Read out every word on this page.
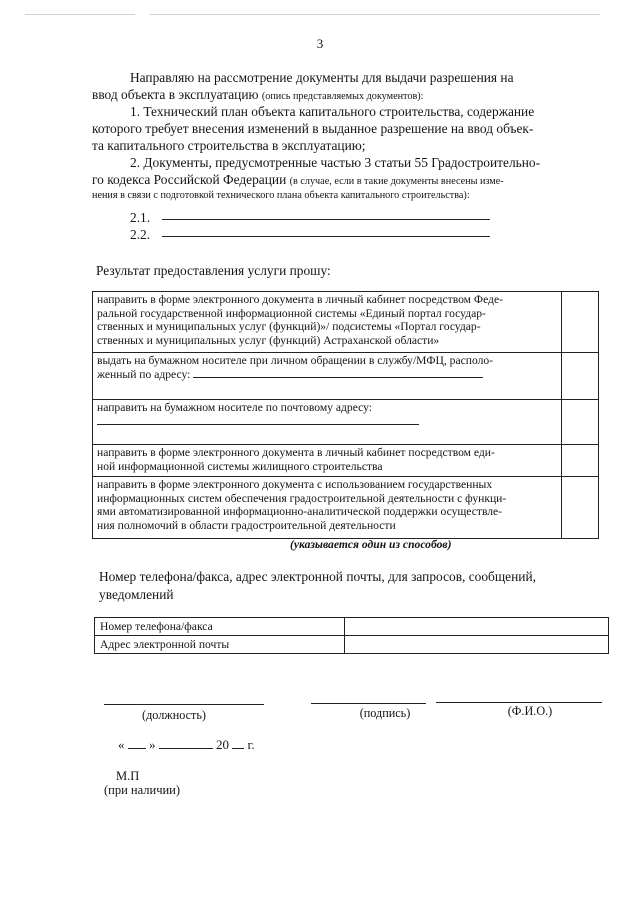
3
Направляю на рассмотрение документы для выдачи разрешения на
ввод объекта в эксплуатацию (опись представляемых документов):
1. Технический план объекта капитального строительства, содержание
которого требует внесения изменений в выданное разрешение на ввод объек-
та капитального строительства в эксплуатацию;
2. Документы, предусмотренные частью 3 статьи 55 Градостроительно-
го кодекса Российской Федерации (в случае, если в такие документы внесены изме-
нения в связи с подготовкой технического плана объекта капитального строительства):
2.1.
2.2.
Результат предоставления услуги прошу:
направить в форме электронного документа в личный кабинет посредством Феде-
ральной государственной информационной системы «Единый портал государ-
ственных и муниципальных услуг (функций)»/ подсистемы «Портал государ-
ственных и муниципальных услуг (функций) Астраханской области»	
выдать на бумажном носителе при личном обращении в службу/МФЦ, располо-
женный по адресу:	
направить на бумажном носителе по почтовому адресу:

направить в форме электронного документа в личный кабинет посредством еди-
ной информационной системы жилищного строительства	
направить в форме электронного документа с использованием государственных
информационных систем обеспечения градостроительной деятельности с функци-
ями автоматизированной информационно-аналитической поддержки осуществле-
ния полномочий в области градостроительной деятельности	
(указывается один из способов)
Номер телефона/факса, адрес электронной почты, для запросов, сообщений,
уведомлений
Номер телефона/факса	
Адрес электронной почты	
(должность)	(подпись)	(Ф.И.О.)
« »	20 г.
М.П
(при наличии)
